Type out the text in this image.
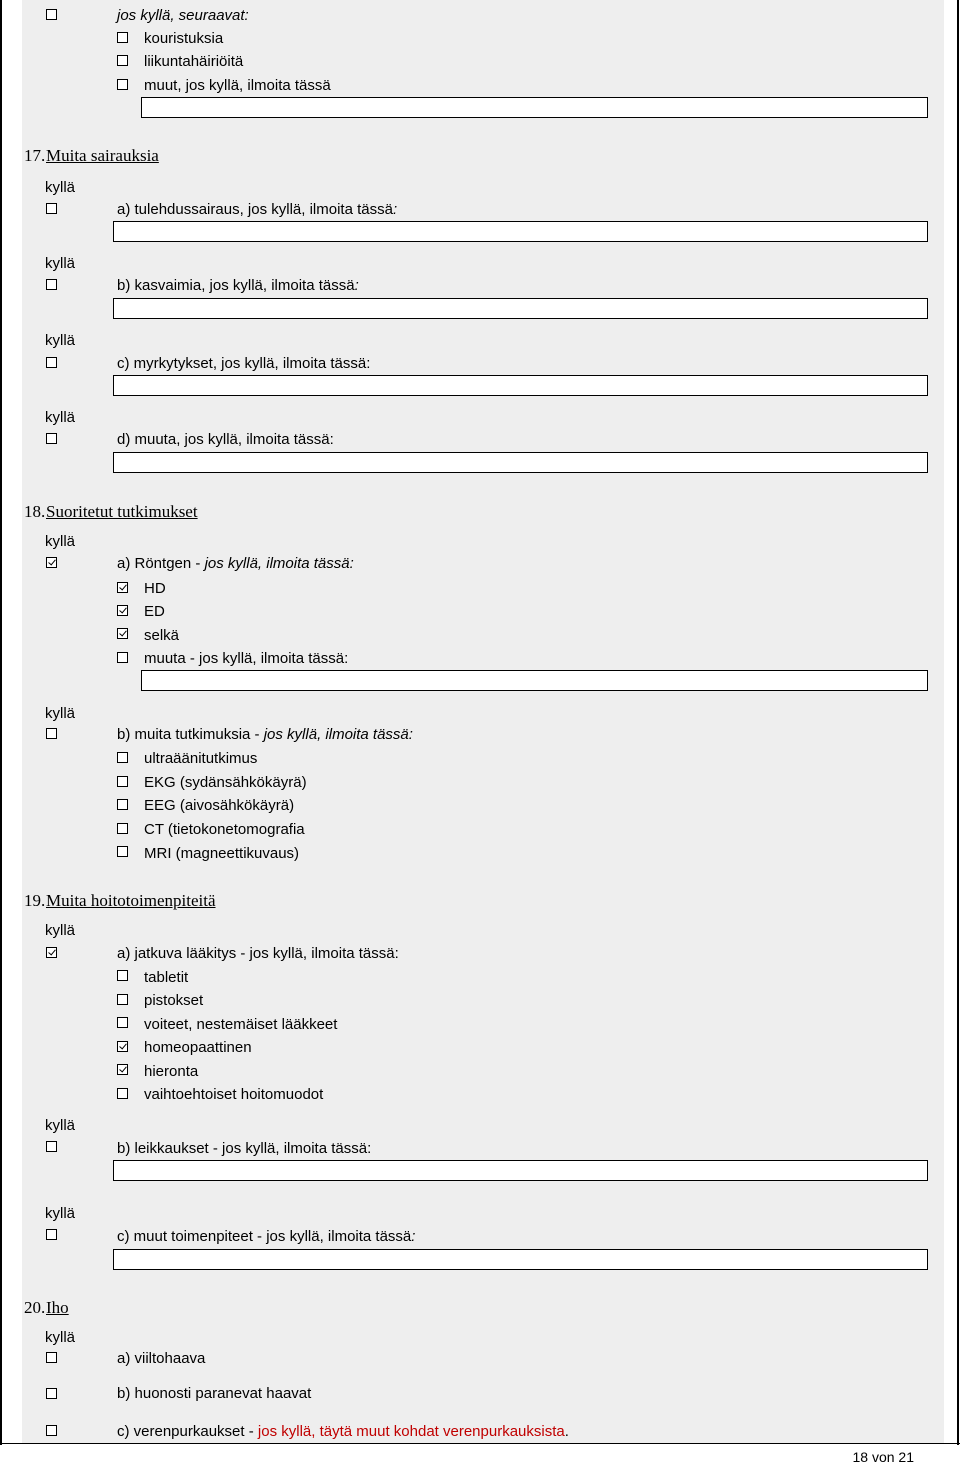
jos kyllä, seuraavat:
kouristuksia
liikuntahäiriöitä
muut, jos kyllä, ilmoita tässä
17. Muita sairauksia
kyllä
a) tulehdussairaus, jos kyllä, ilmoita tässä:
kyllä
b) kasvaimia, jos kyllä, ilmoita tässä:
kyllä
c) myrkytykset, jos kyllä, ilmoita tässä:
kyllä
d) muuta, jos kyllä, ilmoita tässä:
18. Suoritetut tutkimukset
kyllä
a) Röntgen - jos kyllä, ilmoita tässä:
HD
ED
selkä
muuta - jos kyllä, ilmoita tässä:
kyllä
b) muita tutkimuksia - jos kyllä, ilmoita tässä:
ultraäänitutkimus
EKG (sydänsähkökäyrä)
EEG (aivosähkökäyrä)
CT (tietokonetomografia
MRI (magneettikuvaus)
19. Muita hoitotoimenpiteitä
kyllä
a) jatkuva lääkitys - jos kyllä, ilmoita tässä:
tabletit
pistokset
voiteet, nestemäiset lääkkeet
homeopaattinen
hieronta
vaihtoehtoiset hoitomuodot
kyllä
b) leikkaukset - jos kyllä, ilmoita tässä:
kyllä
c) muut toimenpiteet - jos kyllä, ilmoita tässä:
20. Iho
kyllä
a) viiltohaava
b) huonosti paranevat haavat
c) verenpurkaukset - jos kyllä, täytä muut kohdat verenpurkauksista.
18 von 21
